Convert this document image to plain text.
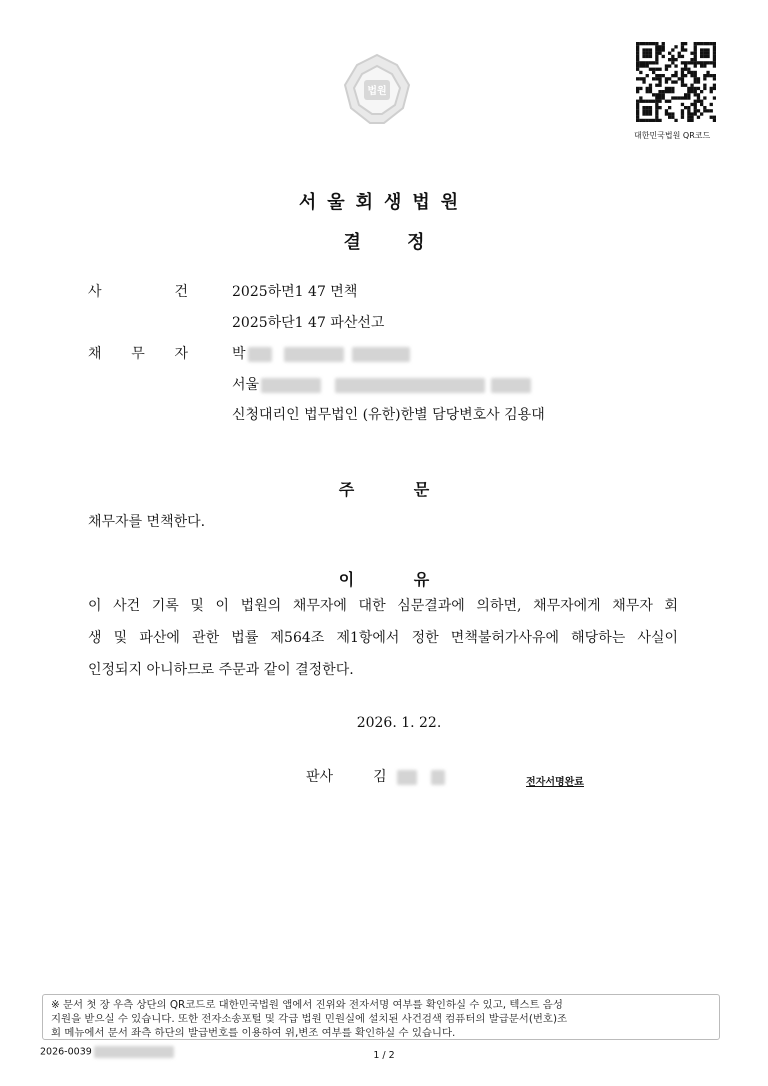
법원
대한민국법원 QR코드
서울회생법원
결 정
사	건	2025하면1 47 면책
2025하단1 47 파산선고
채 무 자	박
서울
신청대리인 법무법인 (유한)한별 담당변호사 김용대
주 문
채무자를 면책한다.
이 유
이 사건 기록 및 이 법원의 채무자에 대한 심문결과에 의하면, 채무자에게 채무자 회
생 및 파산에 관한 법률 제564조 제1항에서 정한 면책불허가사유에 해당하는 사실이
인정되지 아니하므로 주문과 같이 결정한다.
2026. 1. 22.
판사	김	전자서명완료
※ 문서 첫 장 우측 상단의 QR코드로 대한민국법원 앱에서 진위와 전자서명 여부를 확인하실 수 있고, 텍스트 음성
지원을 받으실 수 있습니다. 또한 전자소송포털 및 각급 법원 민원실에 설치된 사건검색 컴퓨터의 발급문서(번호)조
회 메뉴에서 문서 좌측 하단의 발급번호를 이용하여 위,변조 여부를 확인하실 수 있습니다.
2026-0039	1 / 2
